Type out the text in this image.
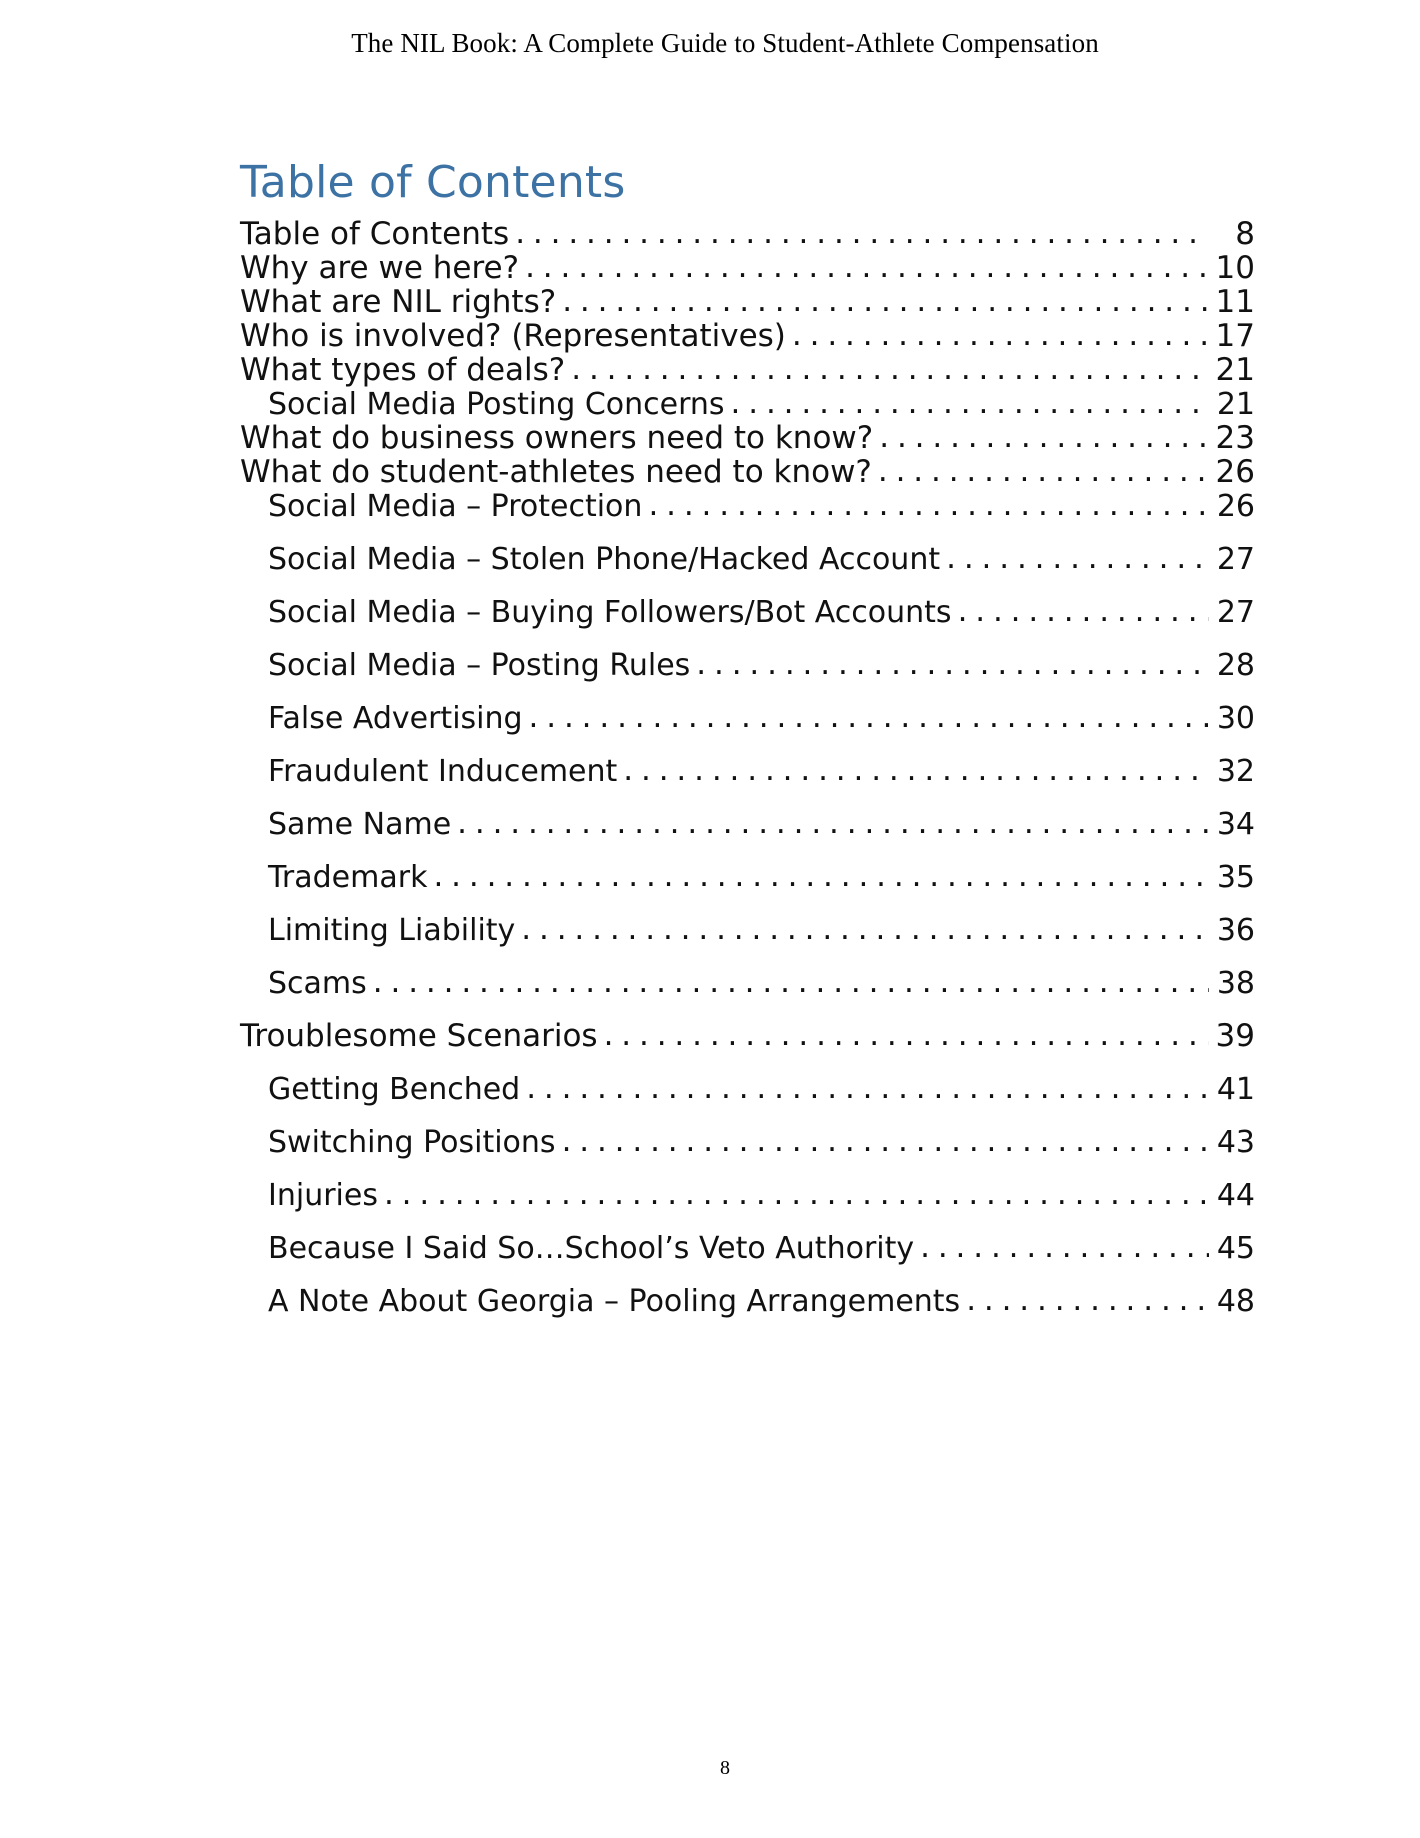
The NIL Book: A Complete Guide to Student-Athlete Compensation
Table of Contents
Table of Contents . . .	8
Why are we here? . . .	10
What are NIL rights? . . .	11
Who is involved? (Representatives) . . .	17
What types of deals? . . .	21
Social Media Posting Concerns . . .	21
What do business owners need to know? . . .	23
What do student-athletes need to know? . . .	26
Social Media – Protection . . .	26
Social Media – Stolen Phone/Hacked Account . . .	27
Social Media – Buying Followers/Bot Accounts . . .	27
Social Media – Posting Rules . . .	28
False Advertising . . .	30
Fraudulent Inducement . . .	32
Same Name . . .	34
Trademark . . .	35
Limiting Liability . . .	36
Scams . . .	38
Troublesome Scenarios . . .	39
Getting Benched . . .	41
Switching Positions . . .	43
Injuries . . .	44
Because I Said So…School’s Veto Authority . . .	45
A Note About Georgia – Pooling Arrangements . . .	48
8
